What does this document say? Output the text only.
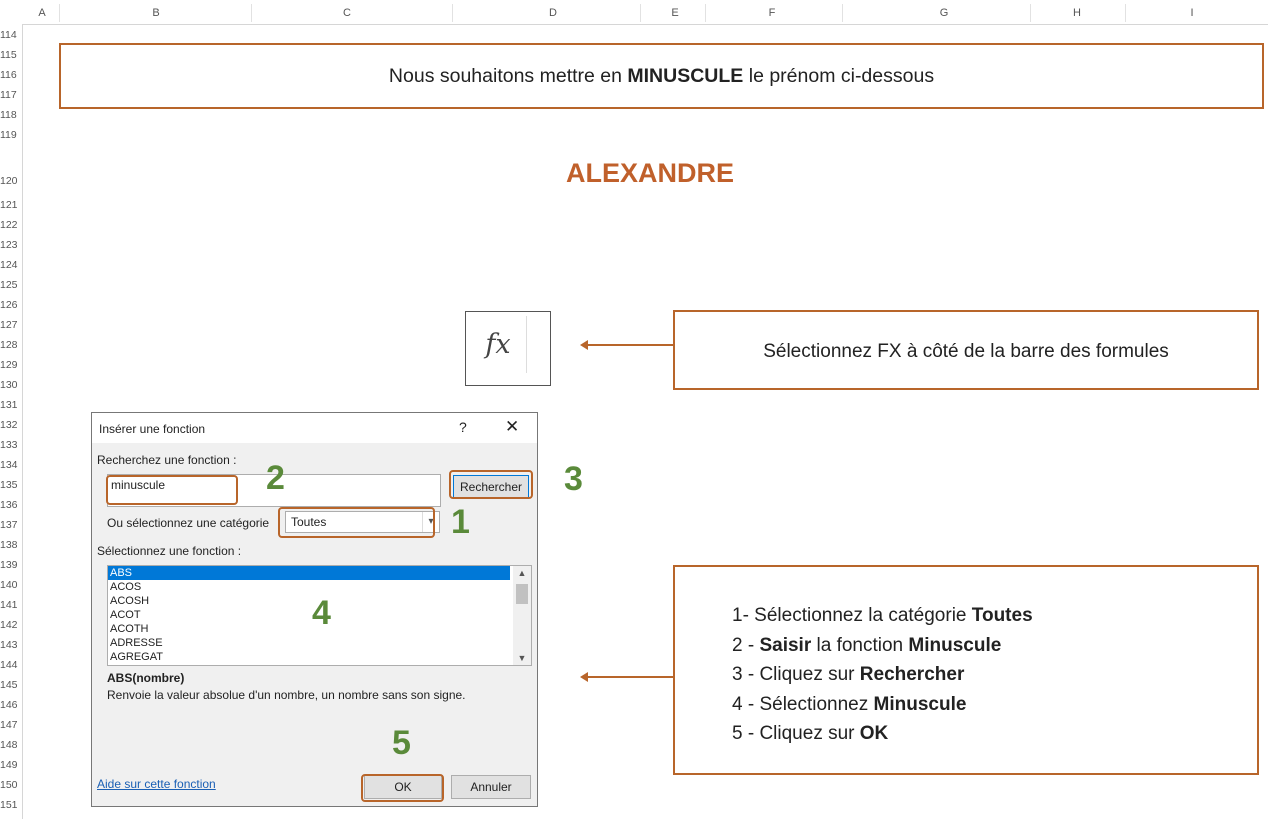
A	B	C	D	E	F	G	H	I
114
115
116
117
118
119
120
121
122
123
124
125
126
127
128
129
130
131
132
133
134
135
136
137
138
139
140
141
142
143
144
145
146
147
148
149
150
151
Nous souhaitons mettre en MINUSCULE le prénom ci-dessous
ALEXANDRE
fx	Sélectionnez FX à côté de la barre des formules
Insérer une fonction	? ✕
Recherchez une fonction :
minuscule	Rechercher
Ou sélectionnez une catégorie	Toutes	▾
Sélectionnez une fonction :
ABS
ACOS
ACOSH
ACOT
ACOTH
ADRESSE
AGREGAT
▲
▼
ABS(nombre)
Renvoie la valeur absolue d'un nombre, un nombre sans son signe.
Aide sur cette fonction	OK	Annuler
1
2	3
4
5
1- Sélectionnez la catégorie Toutes
2 - Saisir la fonction Minuscule
3 - Cliquez sur Rechercher
4 - Sélectionnez Minuscule
5 - Cliquez sur OK
